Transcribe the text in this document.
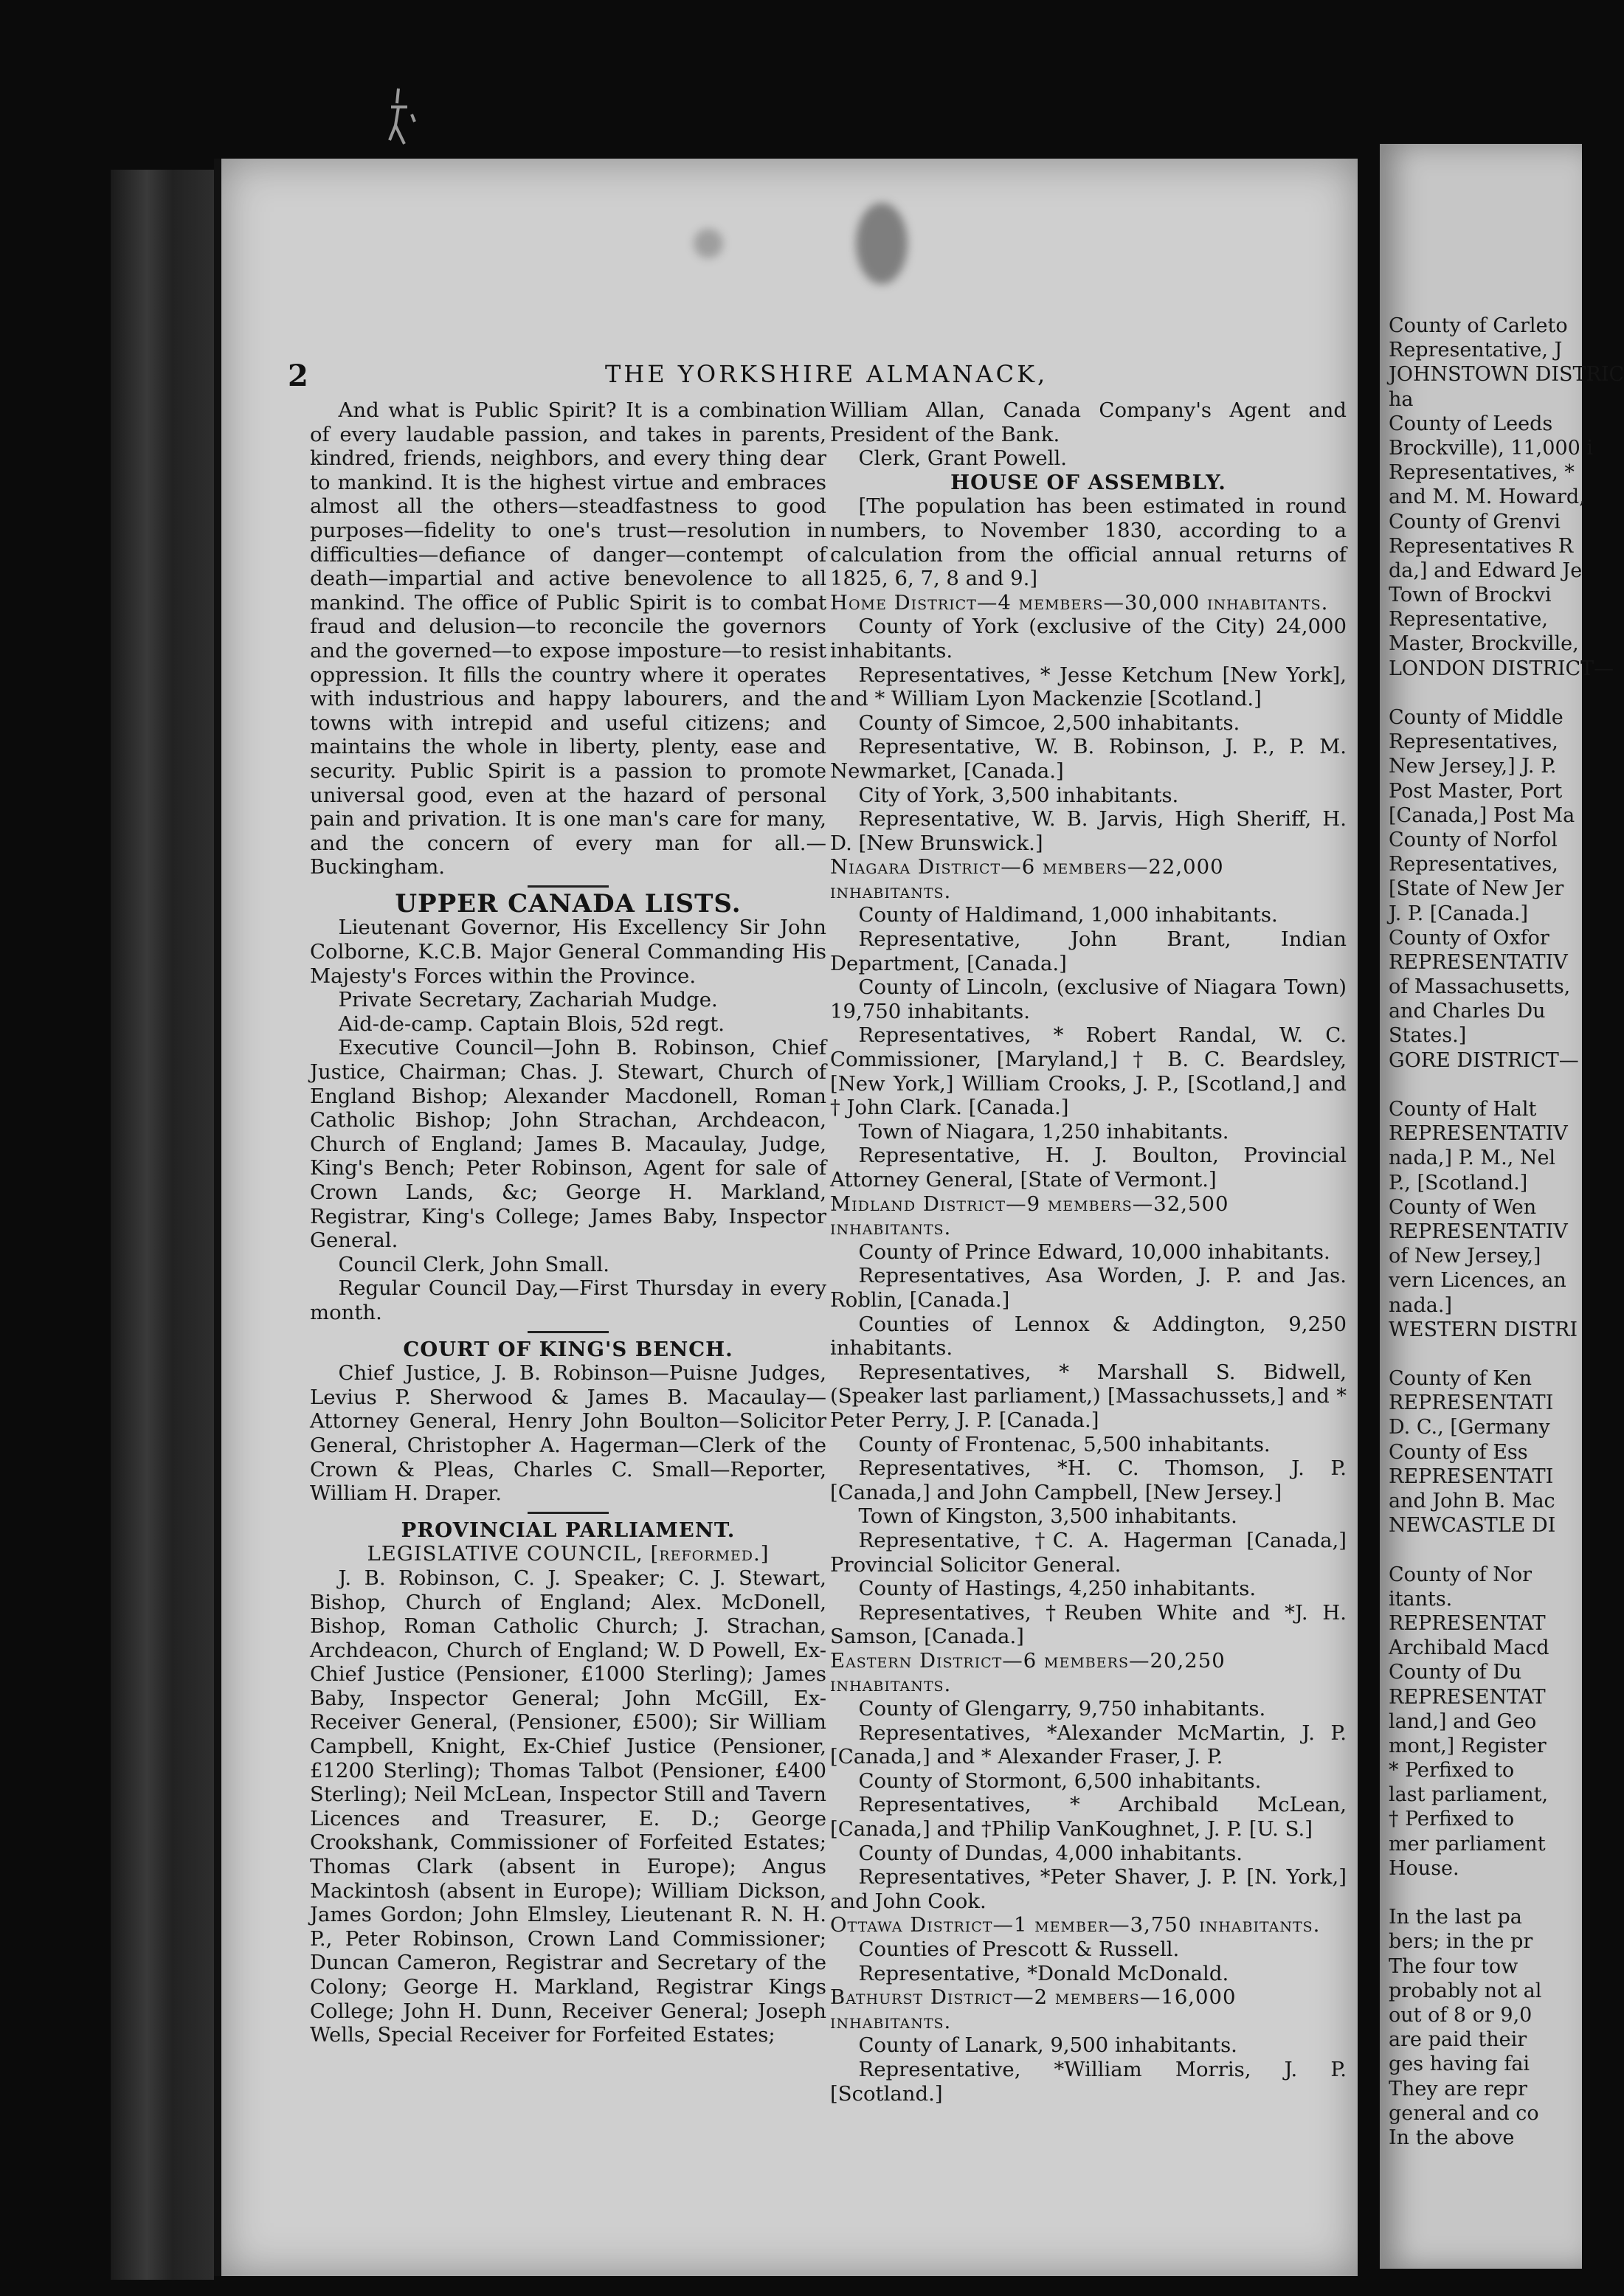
2	THE YORKSHIRE ALMANACK,

And what is Public Spirit? It is a combination of every laudable passion, and takes in parents, kindred, friends, neighbors, and every thing dear to mankind. It is the highest virtue and embraces almost all the others—steadfastness to good purposes—fidelity to one's trust—resolution in difficulties—defiance of danger—contempt of death—impartial and active benevolence to all mankind. The office of Public Spirit is to combat fraud and delusion—to reconcile the governors and the governed—to expose imposture—to resist oppression. It fills the country where it operates with industrious and happy labourers, and the towns with intrepid and useful citizens; and maintains the whole in liberty, plenty, ease and security. Public Spirit is a passion to promote universal good, even at the hazard of personal pain and privation. It is one man's care for many, and the concern of every man for all.—Buckingham.

UPPER CANADA LISTS.

Lieutenant Governor, His Excellency Sir John Colborne, K.C.B. Major General Commanding His Majesty's Forces within the Province.

Private Secretary, Zachariah Mudge.

Aid-de-camp. Captain Blois, 52d regt.

Executive Council—John B. Robinson, Chief Justice, Chairman; Chas. J. Stewart, Church of England Bishop; Alexander Macdonell, Roman Catholic Bishop; John Strachan, Archdeacon, Church of England; James B. Macaulay, Judge, King's Bench; Peter Robinson, Agent for sale of Crown Lands, &c; George H. Markland, Registrar, King's College; James Baby, Inspector General.

Council Clerk, John Small.

Regular Council Day,—First Thursday in every month.

COURT OF KING'S BENCH.

Chief Justice, J. B. Robinson—Puisne Judges, Levius P. Sherwood & James B. Macaulay—Attorney General, Henry John Boulton—Solicitor General, Christopher A. Hagerman—Clerk of the Crown & Pleas, Charles C. Small—Reporter, William H. Draper.

PROVINCIAL PARLIAMENT.

LEGISLATIVE COUNCIL, [reformed.]

J. B. Robinson, C. J. Speaker; C. J. Stewart, Bishop, Church of England; Alex. McDonell, Bishop, Roman Catholic Church; J. Strachan, Archdeacon, Church of England; W. D Powell, Ex-Chief Justice (Pensioner, £1000 Sterling); James Baby, Inspector General; John McGill, Ex-Receiver General, (Pensioner, £500); Sir William Campbell, Knight, Ex-Chief Justice (Pensioner, £1200 Sterling); Thomas Talbot (Pensioner, £400 Sterling); Neil McLean, Inspector Still and Tavern Licences and Treasurer, E. D.; George Crookshank, Commissioner of Forfeited Estates; Thomas Clark (absent in Europe); Angus Mackintosh (absent in Europe); William Dickson, James Gordon; John Elmsley, Lieutenant R. N. H. P., Peter Robinson, Crown Land Commissioner; Duncan Cameron, Registrar and Secretary of the Colony; George H. Markland, Registrar Kings College; John H. Dunn, Receiver General; Joseph Wells, Special Receiver for Forfeited Estates;

William Allan, Canada Company's Agent and President of the Bank.

Clerk, Grant Powell.

HOUSE OF ASSEMBLY.

[The population has been estimated in round numbers, to November 1830, according to a calculation from the official annual returns of 1825, 6, 7, 8 and 9.]

Home District—4 members—30,000 inhabitants.

County of York (exclusive of the City) 24,000 inhabitants.

Representatives, * Jesse Ketchum [New York], and * William Lyon Mackenzie [Scotland.]

County of Simcoe, 2,500 inhabitants.

Representative, W. B. Robinson, J. P., P. M. Newmarket, [Canada.]

City of York, 3,500 inhabitants.

Representative, W. B. Jarvis, High Sheriff, H. D. [New Brunswick.]

Niagara District—6 members—22,000 inhabitants.

County of Haldimand, 1,000 inhabitants.

Representative, John Brant, Indian Department, [Canada.]

County of Lincoln, (exclusive of Niagara Town) 19,750 inhabitants.

Representatives, * Robert Randal, W. C. Commissioner, [Maryland,] † B. C. Beardsley, [New York,] William Crooks, J. P., [Scotland,] and † John Clark. [Canada.]

Town of Niagara, 1,250 inhabitants.

Representative, H. J. Boulton, Provincial Attorney General, [State of Vermont.]

Midland District—9 members—32,500 inhabitants.

County of Prince Edward, 10,000 inhabitants.

Representatives, Asa Worden, J. P. and Jas. Roblin, [Canada.]

Counties of Lennox & Addington, 9,250 inhabitants.

Representatives, * Marshall S. Bidwell, (Speaker last parliament,) [Massachussets,] and * Peter Perry, J. P. [Canada.]

County of Frontenac, 5,500 inhabitants.

Representatives, *H. C. Thomson, J. P. [Canada,] and John Campbell, [New Jersey.]

Town of Kingston, 3,500 inhabitants.

Representative, †C. A. Hagerman [Canada,] Provincial Solicitor General.

County of Hastings, 4,250 inhabitants.

Representatives, †Reuben White and *J. H. Samson, [Canada.]

Eastern District—6 members—20,250 inhabitants.

County of Glengarry, 9,750 inhabitants.

Representatives, *Alexander McMartin, J. P. [Canada,] and * Alexander Fraser, J. P.

County of Stormont, 6,500 inhabitants.

Representatives, * Archibald McLean, [Canada,] and †Philip VanKoughnet, J. P. [U. S.]

County of Dundas, 4,000 inhabitants.

Representatives, *Peter Shaver, J. P. [N. York,] and John Cook.

Ottawa District—1 member—3,750 inhabitants.

Counties of Prescott & Russell.

Representative, *Donald McDonald.

Bathurst District—2 members—16,000 inhabitants.

County of Lanark, 9,500 inhabitants.

Representative, *William Morris, J. P. [Scotland.]

County of Carleto
Representative, J
JOHNSTOWN DISTRIC
ha
County of Leeds
Brockville), 11,000 i
Representatives, *
and M. M. Howard,
County of Grenvi
Representatives R
da,] and Edward Je
Town of Brockvi
Representative,
Master, Brockville,
LONDON DISTRICT—
County of Middle
Representatives,
New Jersey,] J. P.
Post Master, Port
[Canada,] Post Ma
County of Norfol
Representatives,
[State of New Jer
J. P. [Canada.]
County of Oxfor
REPRESENTATIV
of Massachusetts,
and Charles Du
States.]
GORE DISTRICT—
County of Halt
REPRESENTATIV
nada,] P. M., Nel
P., [Scotland.]
County of Wen
REPRESENTATIV
of New Jersey,]
vern Licences, an
nada.]
WESTERN DISTRI
County of Ken
REPRESENTATI
D. C., [Germany
County of Ess
REPRESENTATI
and John B. Mac
NEWCASTLE DI
County of Nor
itants.
REPRESENTAT
Archibald Macd
County of Du
REPRESENTAT
land,] and Geo
mont,] Register
* Perfixed to
last parliament,
† Perfixed to
mer parliament
House.
In the last pa
bers; in the pr
The four tow
probably not al
out of 8 or 9,0
are paid their
ges having fai
They are repr
general and co
In the above
